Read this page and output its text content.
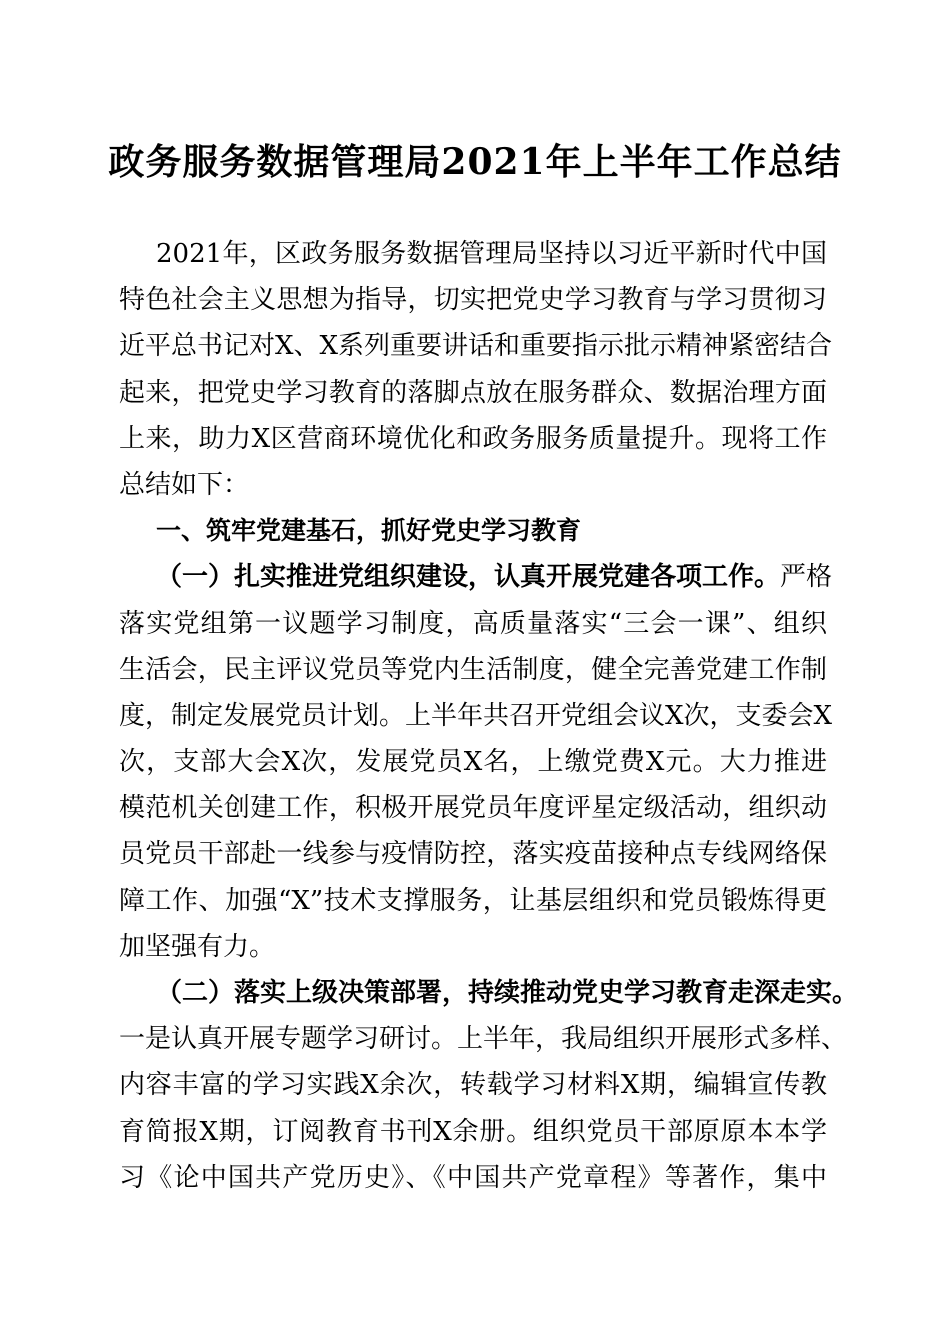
政务服务数据管理局2021年上半年工作总结
2021年，区政务服务数据管理局坚持以习近平新时代中国
特色社会主义思想为指导，切实把党史学习教育与学习贯彻习
近平总书记对X、X系列重要讲话和重要指示批示精神紧密结合
起来，把党史学习教育的落脚点放在服务群众、数据治理方面
上来，助力X区营商环境优化和政务服务质量提升。现将工作
总结如下：
一、筑牢党建基石，抓好党史学习教育
（一）扎实推进党组织建设，认真开展党建各项工作。严格
落实党组第一议题学习制度，高质量落实“三会一课”、组织
生活会，民主评议党员等党内生活制度，健全完善党建工作制
度，制定发展党员计划。上半年共召开党组会议X次，支委会X
次，支部大会X次，发展党员X名，上缴党费X元。大力推进
模范机关创建工作，积极开展党员年度评星定级活动，组织动
员党员干部赴一线参与疫情防控，落实疫苗接种点专线网络保
障工作、加强“X”技术支撑服务，让基层组织和党员锻炼得更
加坚强有力。
（二）落实上级决策部署，持续推动党史学习教育走深走实。
一是认真开展专题学习研讨。上半年，我局组织开展形式多样、
内容丰富的学习实践X余次，转载学习材料X期，编辑宣传教
育简报X期，订阅教育书刊X余册。组织党员干部原原本本学
习《论中国共产党历史》、《中国共产党章程》等著作，集中
